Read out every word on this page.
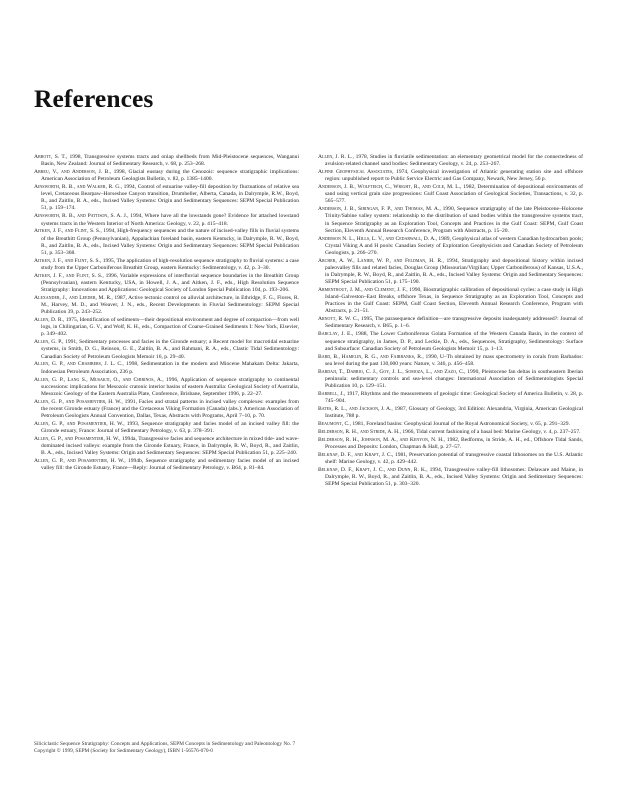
References

Abbott, S. T., 1998, Transgressive systems tracts and onlap shellbeds from Mid-Pleistocene sequences, Wanganui Basin, New Zealand: Journal of Sedimentary Research, v. 68, p. 253–268.

Abreu, V., and Anderson, J. B., 1998, Glacial eustasy during the Cenozoic: sequence stratigraphic implications: American Association of Petroleum Geologists Bulletin, v. 82, p. 1385–1400.

Ainsworth, R. B., and Walker, R. G., 1994, Control of estuarine valley-fill deposition by fluctuations of relative sea level, Cretaceous Bearpaw–Horseshoe Canyon transition, Drumheller, Alberta, Canada, in Dalrymple, R.W., Boyd, R., and Zaitlin, B. A., eds., Incised Valley Systems: Origin and Sedimentary Sequences: SEPM Special Publication 51, p. 159–174.

Ainsworth, R. B., and Pattison, S. A. J., 1994, Where have all the lowstands gone? Evidence for attached lowstand systems tracts in the Western Interior of North America: Geology, v. 22, p. 415–418.

Aitken, J. F., and Flint, S. S., 1994, High-frequency sequences and the nature of incised-valley fills in fluvial systems of the Breathitt Group (Pennsylvanian), Appalachian foreland basin, eastern Kentucky, in Dalrymple, R. W., Boyd, R., and Zaitlin, B. A., eds., Incised Valley Systems: Origin and Sedimentary Sequences: SEPM Special Publication 51, p. 353–368.

Aitken, J. F., and Flint, S. S., 1995, The application of high-resolution sequence stratigraphy to fluvial systems: a case study from the Upper Carboniferous Breathitt Group, eastern Kentucky: Sedimentology, v. 42, p. 3–30.

Aitken, J. F., and Flint, S. S., 1996, Variable expressions of interfluvial sequence boundaries in the Breathitt Group (Pennsylvanian), eastern Kentucky, USA, in Howell, J. A., and Aitken, J. F., eds., High Resolution Sequence Stratigraphy: Innovations and Applications: Geological Society of London Special Publication 104, p. 193–206.

Alexander, J., and Leeder, M. R., 1987, Active tectonic control on alluvial architecture, in Ethridge, F. G., Flores, R. M., Harvey, M. D., and Weaver, J. N., eds., Recent Developments in Fluvial Sedimentology: SEPM Special Publication 39, p. 243–252.

Allen, D. R., 1975, Identification of sediments—their depositional environment and degree of compaction—from well logs, in Chilingarian, G. V., and Wolf, K. H., eds., Compaction of Coarse-Grained Sediments I: New York, Elsevier, p. 349–402.

Allen, G. P., 1991, Sedimentary processes and facies in the Gironde estuary; a Recent model for macrotidal estuarine systems, in Smith, D. G., Reinson, G. E., Zaitlin, B. A., and Rahmani, R. A., eds., Clastic Tidal Sedimentology: Canadian Society of Petroleum Geologists Memoir 16, p. 29–40.

Allen, G. P., and Chambers, J. L. C., 1998, Sedimentation in the modern and Miocene Mahakam Delta: Jakarta, Indonesian Petroleum Association, 236 p.

Allen, G. P., Lang S., Musakti, O., and Chirinos, A., 1996, Application of sequence stratigraphy to continental successions: implications for Mesozoic cratonic interior basins of eastern Australia: Geological Society of Australia, Mesozoic Geology of the Eastern Australia Plate, Conference, Brisbane, September 1996, p. 22–27.

Allen, G. P., and Posamentier, H. W., 1991, Facies and stratal patterns in incised valley complexes: examples from the recent Gironde estuary (France) and the Cretaceous Viking Formation (Canada) (abs.): American Association of Petroleum Geologists Annual Convention, Dallas, Texas, Abstracts with Programs, April 7–10, p. 70.

Allen, G. P., and Posamentier, H. W., 1993, Sequence stratigraphy and facies model of an incised valley fill: the Gironde estuary, France: Journal of Sedimentary Petrology, v. 63, p. 378–391.

Allen, G. P., and Posamentier, H. W., 1994a, Transgressive facies and sequence architecture in mixed tide- and wave-dominated incised valleys: example from the Gironde Estuary, France, in Dalrymple, R. W., Boyd, R., and Zaitlin, B. A., eds., Incised Valley Systems: Origin and Sedimentary Sequences: SEPM Special Publication 51, p. 225–240.

Allen, G. P., and Posamentier, H. W., 1994b, Sequence stratigraphy and sedimentary facies model of an incised valley fill: the Gironde Estuary, France—Reply: Journal of Sedimentary Petrology, v. B64, p. 81–84.

Allen, J. R. L., 1978, Studies in fluviatile sedimentation: an elementary geometrical model for the connectedness of avulsion-related channel sand bodies: Sedimentary Geology, v. 24, p. 253–267.

Alpine Geophysical Associates, 1974, Geophysical investigation of Atlantic generating station site and offshore region: unpublished report to Public Service Electric and Gas Company, Newark, New Jersey, 56 p.

Anderson, J. B., Wolfteich, C., Wright, R., and Cole, M. L., 1982, Determination of depositional environments of sand using vertical grain size progressions: Gulf Coast Association of Geological Societies, Transactions, v. 32, p. 565–577.

Anderson, J. B., Siringan, F. P., and Thomas, M. A., 1990, Sequence stratigraphy of the late Pleistocene–Holocene Trinity/Sabine valley system: relationship to the distribution of sand bodies within the transgressive systems tract, in Sequence Stratigraphy as an Exploration Tool, Concepts and Practices in the Gulf Coast: SEPM, Gulf Coast Section, Eleventh Annual Research Conference, Program with Abstracts, p. 15–20.

Anderson N. L., Hills, L. V., and Cedarwall, D. A., 1989, Geophysical atlas of western Canadian hydrocarbon pools; Crystal Viking A and H pools: Canadian Society of Exploration Geophysicists and Canadian Society of Petroleum Geologists, p. 266–270.

Archer, A. W., Lanier, W. P., and Feldman, H. R., 1994, Stratigraphy and depositional history within incised paleovalley fills and related facies, Douglas Group (Missourian/Virgilian; Upper Carboniferous) of Kansas, U.S.A., in Dalrymple, R. W., Boyd, R., and Zaitlin, B. A., eds., Incised Valley Systems: Origin and Sedimentary Sequences: SEPM Special Publication 51, p. 175–190.

Armentrout, J. M., and Clement, J. F., 1990, Biostratigraphic calibration of depositional cycles: a case study in High Island–Galveston–East Breaks, offshore Texas, in Sequence Stratigraphy as an Exploration Tool, Concepts and Practices in the Gulf Coast: SEPM, Gulf Coast Section, Eleventh Annual Research Conference, Program with Abstracts, p. 21–51.

Arnott, R. W. C., 1995, The parasequence definition—are transgressive deposits inadequately addressed?: Journal of Sedimentary Research, v. B65, p. 1–6.

Barclay, J. E., 1988, The Lower Carboniferous Golata Formation of the Western Canada Basin, in the context of sequence stratigraphy, in James, D. P., and Leckie, D. A., eds., Sequences, Stratigraphy, Sedimentology: Surface and Subsurface: Canadian Society of Petroleum Geologists Memoir 15, p. 1–13.

Bard, B., Hamelin, R. G., and Fairbanks, R., 1990, U–Th obtained by mass spectrometry in corals from Barbados: sea level during the past 130,000 years: Nature, v. 346, p. 456–458.

Bardaji, T., Dabrio, C. J., Goy, J. L., Somoza, L., and Zazo, C., 1990, Pleistocene fan deltas in southeastern Iberian peninsula: sedimentary controls and sea-level changes: International Association of Sedimentologists Special Publication 10, p. 129–151.

Barrell, J., 1917, Rhythms and the measurements of geologic time: Geological Society of America Bulletin, v. 28, p. 745–904.

Bates, R. L., and Jackson, J. A., 1987, Glossary of Geology, 3rd Edition: Alexandria, Virginia, American Geological Institute, 788 p.

Beaumont, C., 1981, Foreland basins: Geophysical Journal of the Royal Astronomical Society, v. 65, p. 291–329.

Belderson, R. H., and Stride, A. H., 1966, Tidal current fashioning of a basal bed: Marine Geology, v. 4, p. 237–257.

Belderson, R. H., Johnson, M. A., and Kenyon, N. H., 1982, Bedforms, in Stride, A. H., ed., Offshore Tidal Sands, Processes and Deposits: London, Chapman & Hall, p. 27–57.

Belknap, D. F., and Kraft, J. C., 1981, Preservation potential of transgressive coastal lithosomes on the U.S. Atlantic shelf: Marine Geology, v. 42, p. 429–442.

Belknap, D. F., Kraft, J. C., and Dunn, R. K., 1994, Transgressive valley-fill lithosomes: Delaware and Maine, in Dalrymple, R. W., Boyd, R., and Zaitlin, B. A., eds., Incised Valley Systems: Origin and Sedimentary Sequences: SEPM Special Publication 51, p. 303–320.

Siliciclastic Sequence Stratigraphy: Concepts and Applications, SEPM Concepts in Sedimentology and Paleontology No. 7
Copyright © 1999, SEPM (Society for Sedimentary Geology), ISBN 1-56576-070-0
